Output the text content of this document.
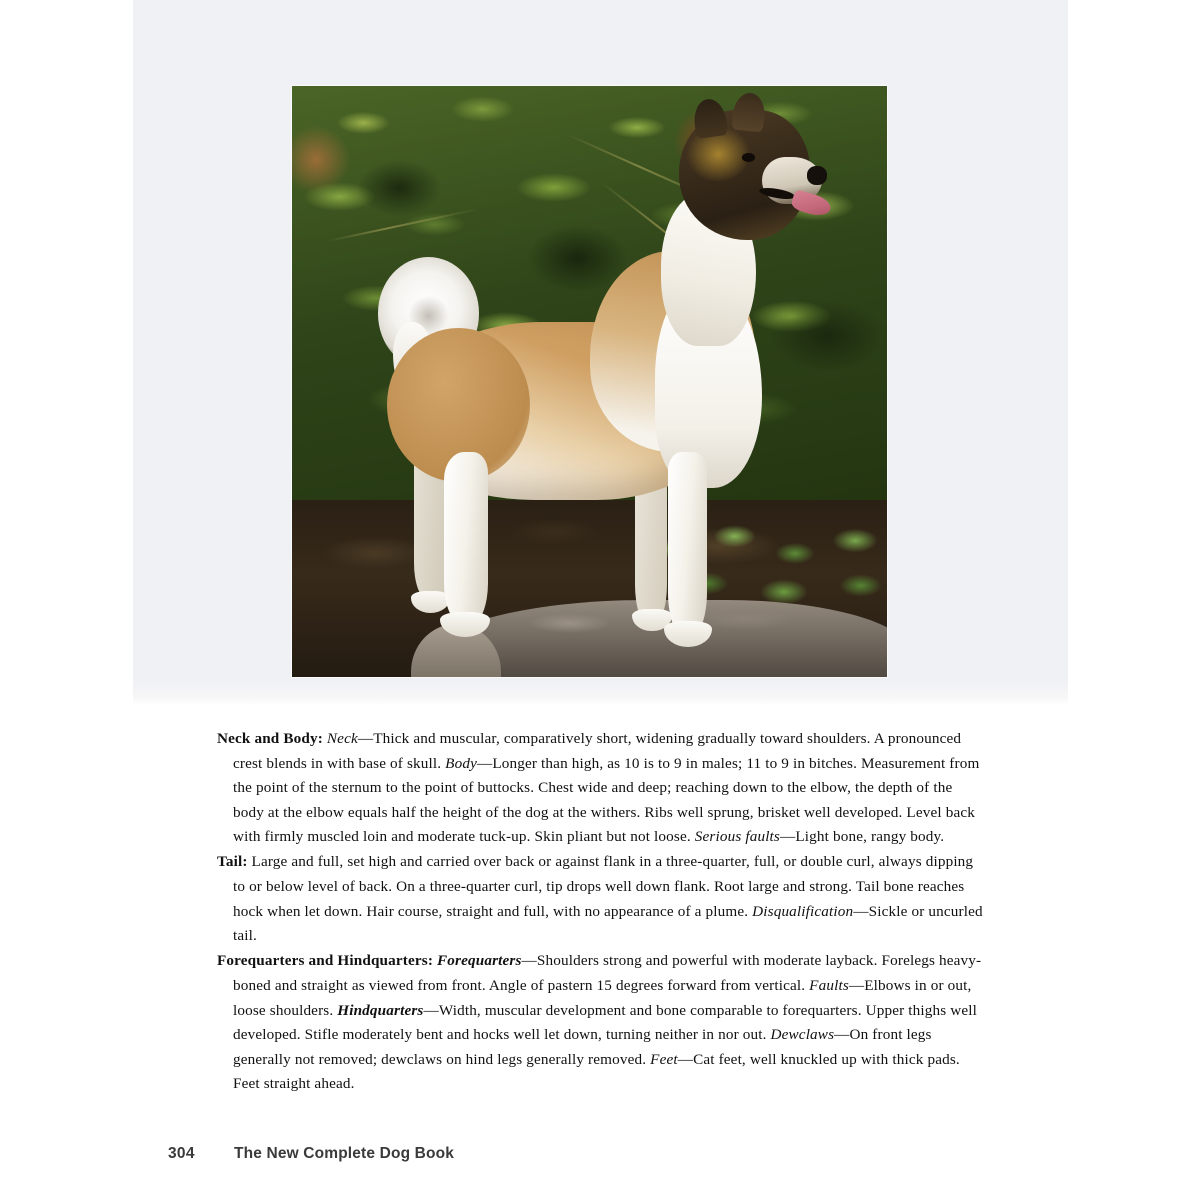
Neck and Body: Neck—Thick and muscular, comparatively short, widening gradually toward shoulders. A pronounced crest blends in with base of skull. Body—Longer than high, as 10 is to 9 in males; 11 to 9 in bitches. Measurement from the point of the sternum to the point of buttocks. Chest wide and deep; reaching down to the elbow, the depth of the body at the elbow equals half the height of the dog at the withers. Ribs well sprung, brisket well developed. Level back with firmly muscled loin and moderate tuck-up. Skin pliant but not loose. Serious faults—Light bone, rangy body.

Tail: Large and full, set high and carried over back or against flank in a three-quarter, full, or double curl, always dipping to or below level of back. On a three-quarter curl, tip drops well down flank. Root large and strong. Tail bone reaches hock when let down. Hair course, straight and full, with no appearance of a plume. Disqualification—Sickle or uncurled tail.

Forequarters and Hindquarters: Forequarters—Shoulders strong and powerful with moderate layback. Forelegs heavy-boned and straight as viewed from front. Angle of pastern 15 degrees forward from vertical. Faults—Elbows in or out, loose shoulders. Hindquarters—Width, muscular development and bone comparable to forequarters. Upper thighs well developed. Stifle moderately bent and hocks well let down, turning neither in nor out. Dewclaws—On front legs generally not removed; dewclaws on hind legs generally removed. Feet—Cat feet, well knuckled up with thick pads. Feet straight ahead.

304	The New Complete Dog Book
